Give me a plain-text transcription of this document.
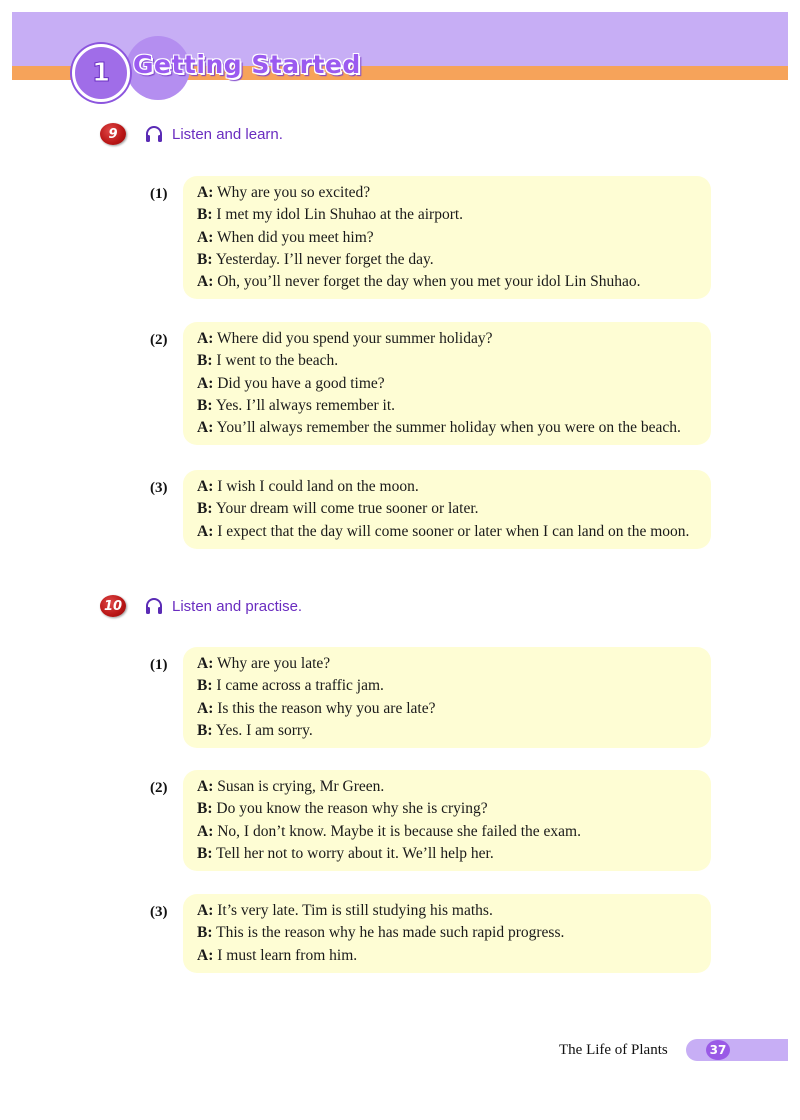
1 Getting Started
9	Listen and learn.
(1) A: Why are you so excited?
B: I met my idol Lin Shuhao at the airport.
A: When did you meet him?
B: Yesterday. I’ll never forget the day.
A: Oh, you’ll never forget the day when you met your idol Lin Shuhao.
(2) A: Where did you spend your summer holiday?
B: I went to the beach.
A: Did you have a good time?
B: Yes. I’ll always remember it.
A: You’ll always remember the summer holiday when you were on the beach.
(3) A: I wish I could land on the moon.
B: Your dream will come true sooner or later.
A: I expect that the day will come sooner or later when I can land on the moon.
10	Listen and practise.
(1) A: Why are you late?
B: I came across a traffic jam.
A: Is this the reason why you are late?
B: Yes. I am sorry.
(2) A: Susan is crying, Mr Green.
B: Do you know the reason why she is crying?
A: No, I don’t know. Maybe it is because she failed the exam.
B: Tell her not to worry about it. We’ll help her.
(3) A: It’s very late. Tim is still studying his maths.
B: This is the reason why he has made such rapid progress.
A: I must learn from him.
The Life of Plants	37
